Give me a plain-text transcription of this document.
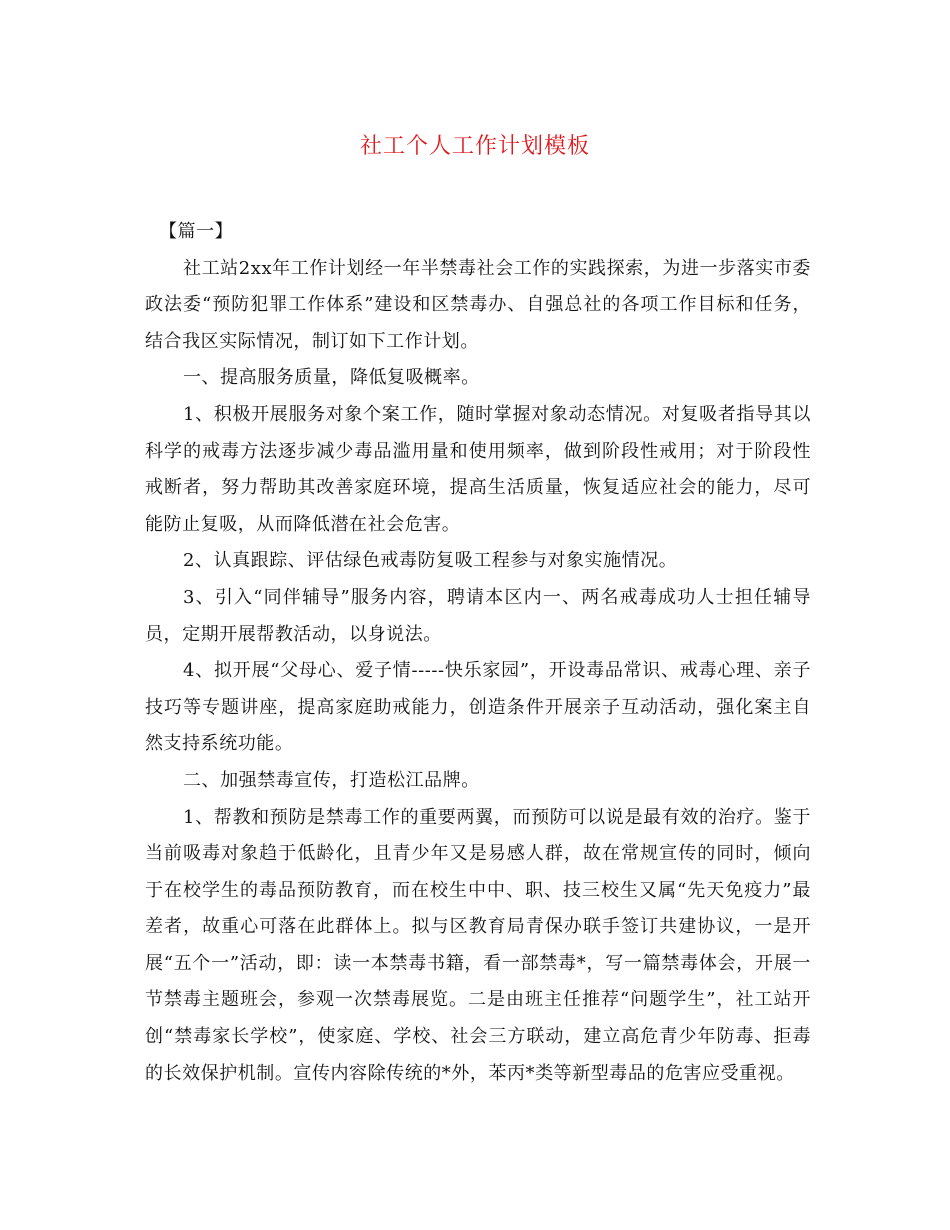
社工个人工作计划模板

【篇一】

社工站2xx年工作计划经一年半禁毒社会工作的实践探索，为进一步落实市委政法委“预防犯罪工作体系”建设和区禁毒办、自强总社的各项工作目标和任务，结合我区实际情况，制订如下工作计划。

一、提高服务质量，降低复吸概率。

1、积极开展服务对象个案工作，随时掌握对象动态情况。对复吸者指导其以科学的戒毒方法逐步减少毒品滥用量和使用频率，做到阶段性戒用；对于阶段性戒断者，努力帮助其改善家庭环境，提高生活质量，恢复适应社会的能力，尽可能防止复吸，从而降低潜在社会危害。

2、认真跟踪、评估绿色戒毒防复吸工程参与对象实施情况。

3、引入“同伴辅导”服务内容，聘请本区内一、两名戒毒成功人士担任辅导员，定期开展帮教活动，以身说法。

4、拟开展“父母心、爱子情-----快乐家园”，开设毒品常识、戒毒心理、亲子技巧等专题讲座，提高家庭助戒能力，创造条件开展亲子互动活动，强化案主自然支持系统功能。

二、加强禁毒宣传，打造松江品牌。

1、帮教和预防是禁毒工作的重要两翼，而预防可以说是最有效的治疗。鉴于当前吸毒对象趋于低龄化，且青少年又是易感人群，故在常规宣传的同时，倾向于在校学生的毒品预防教育，而在校生中中、职、技三校生又属“先天免疫力”最差者，故重心可落在此群体上。拟与区教育局青保办联手签订共建协议，一是开展“五个一”活动，即：读一本禁毒书籍，看一部禁毒*，写一篇禁毒体会，开展一节禁毒主题班会，参观一次禁毒展览。二是由班主任推荐“问题学生”，社工站开创“禁毒家长学校”，使家庭、学校、社会三方联动，建立高危青少年防毒、拒毒的长效保护机制。宣传内容除传统的*外，苯丙*类等新型毒品的危害应受重视。
